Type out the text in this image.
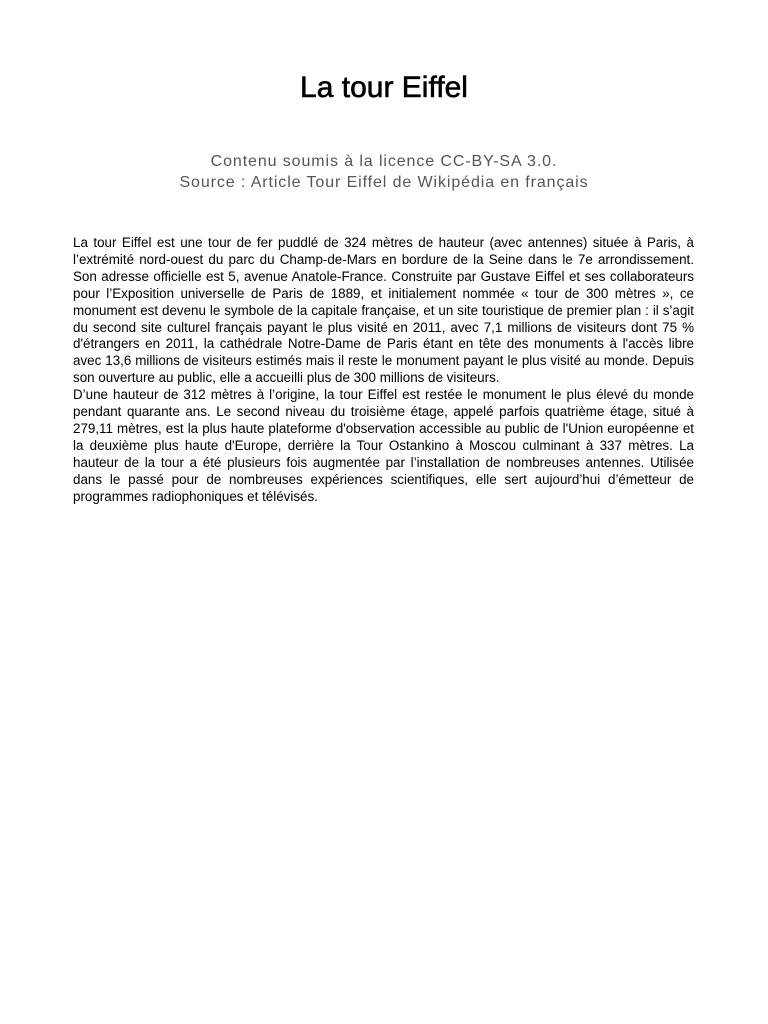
La tour Eiffel
Contenu soumis à la licence CC-BY-SA 3.0.
Source : Article Tour Eiffel de Wikipédia en français

La tour Eiffel est une tour de fer puddlé de 324 mètres de hauteur (avec antennes) située à Paris, à l’extrémité nord-ouest du parc du Champ-de-Mars en bordure de la Seine dans le 7e arrondissement. Son adresse officielle est 5, avenue Anatole-France. Construite par Gustave Eiffel et ses collaborateurs pour l’Exposition universelle de Paris de 1889, et initialement nommée « tour de 300 mètres », ce monument est devenu le symbole de la capitale française, et un site touristique de premier plan : il s’agit du second site culturel français payant le plus visité en 2011, avec 7,1 millions de visiteurs dont 75 % d'étrangers en 2011, la cathédrale Notre-Dame de Paris étant en tête des monuments à l'accès libre avec 13,6 millions de visiteurs estimés mais il reste le monument payant le plus visité au monde. Depuis son ouverture au public, elle a accueilli plus de 300 millions de visiteurs.

D’une hauteur de 312 mètres à l’origine, la tour Eiffel est restée le monument le plus élevé du monde pendant quarante ans. Le second niveau du troisième étage, appelé parfois quatrième étage, situé à 279,11 mètres, est la plus haute plateforme d'observation accessible au public de l'Union européenne et la deuxième plus haute d'Europe, derrière la Tour Ostankino à Moscou culminant à 337 mètres. La hauteur de la tour a été plusieurs fois augmentée par l’installation de nombreuses antennes. Utilisée dans le passé pour de nombreuses expériences scientifiques, elle sert aujourd’hui d’émetteur de programmes radiophoniques et télévisés.
